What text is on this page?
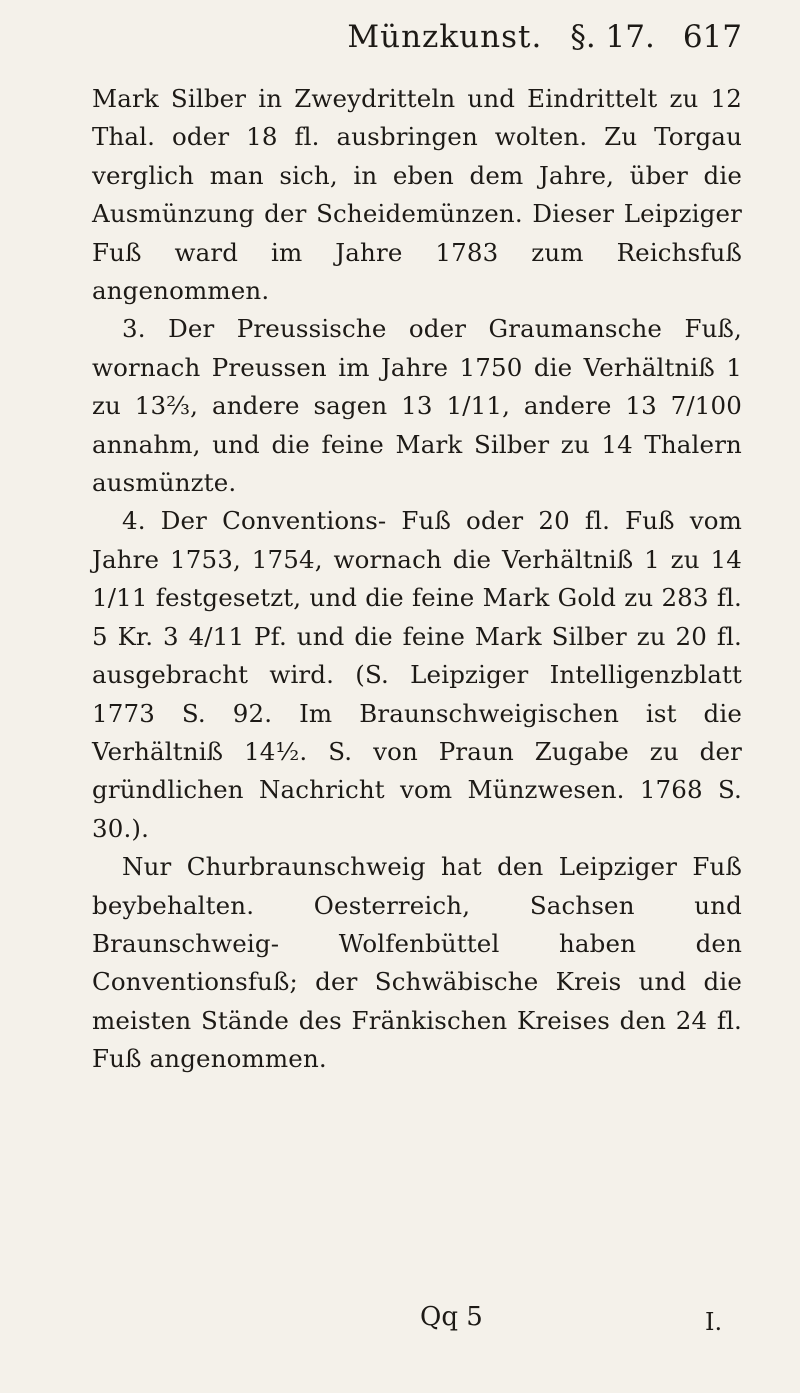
Münzkunst. §. 17. 617

Mark Silber in Zweydritteln und Eindrittelt zu 12 Thal. oder 18 fl. ausbringen wolten. Zu Torgau verglich man sich, in eben dem Jahre, über die Ausmünzung der Scheidemünzen. Dieser Leipziger Fuß ward im Jahre 1783 zum Reichsfuß angenommen.

3. Der Preussische oder Graumansche Fuß, wornach Preussen im Jahre 1750 die Verhältniß 1 zu 13⅔, andere sagen 13 1/11, andere 13 7/100 annahm, und die feine Mark Silber zu 14 Thalern ausmünzte.

4. Der Conventions- Fuß oder 20 fl. Fuß vom Jahre 1753, 1754, wornach die Verhältniß 1 zu 14 1/11 festgesetzt, und die feine Mark Gold zu 283 fl. 5 Kr. 3 4/11 Pf. und die feine Mark Silber zu 20 fl. ausgebracht wird. (S. Leipziger Intelligenzblatt 1773 S. 92. Im Braunschweigischen ist die Verhältniß 14½. S. von Praun Zugabe zu der gründlichen Nachricht vom Münzwesen. 1768 S. 30.).

Nur Churbraunschweig hat den Leipziger Fuß beybehalten. Oesterreich, Sachsen und Braunschweig- Wolfenbüttel haben den Conventionsfuß; der Schwäbische Kreis und die meisten Stände des Fränkischen Kreises den 24 fl. Fuß angenommen.

Qq 5	I.
